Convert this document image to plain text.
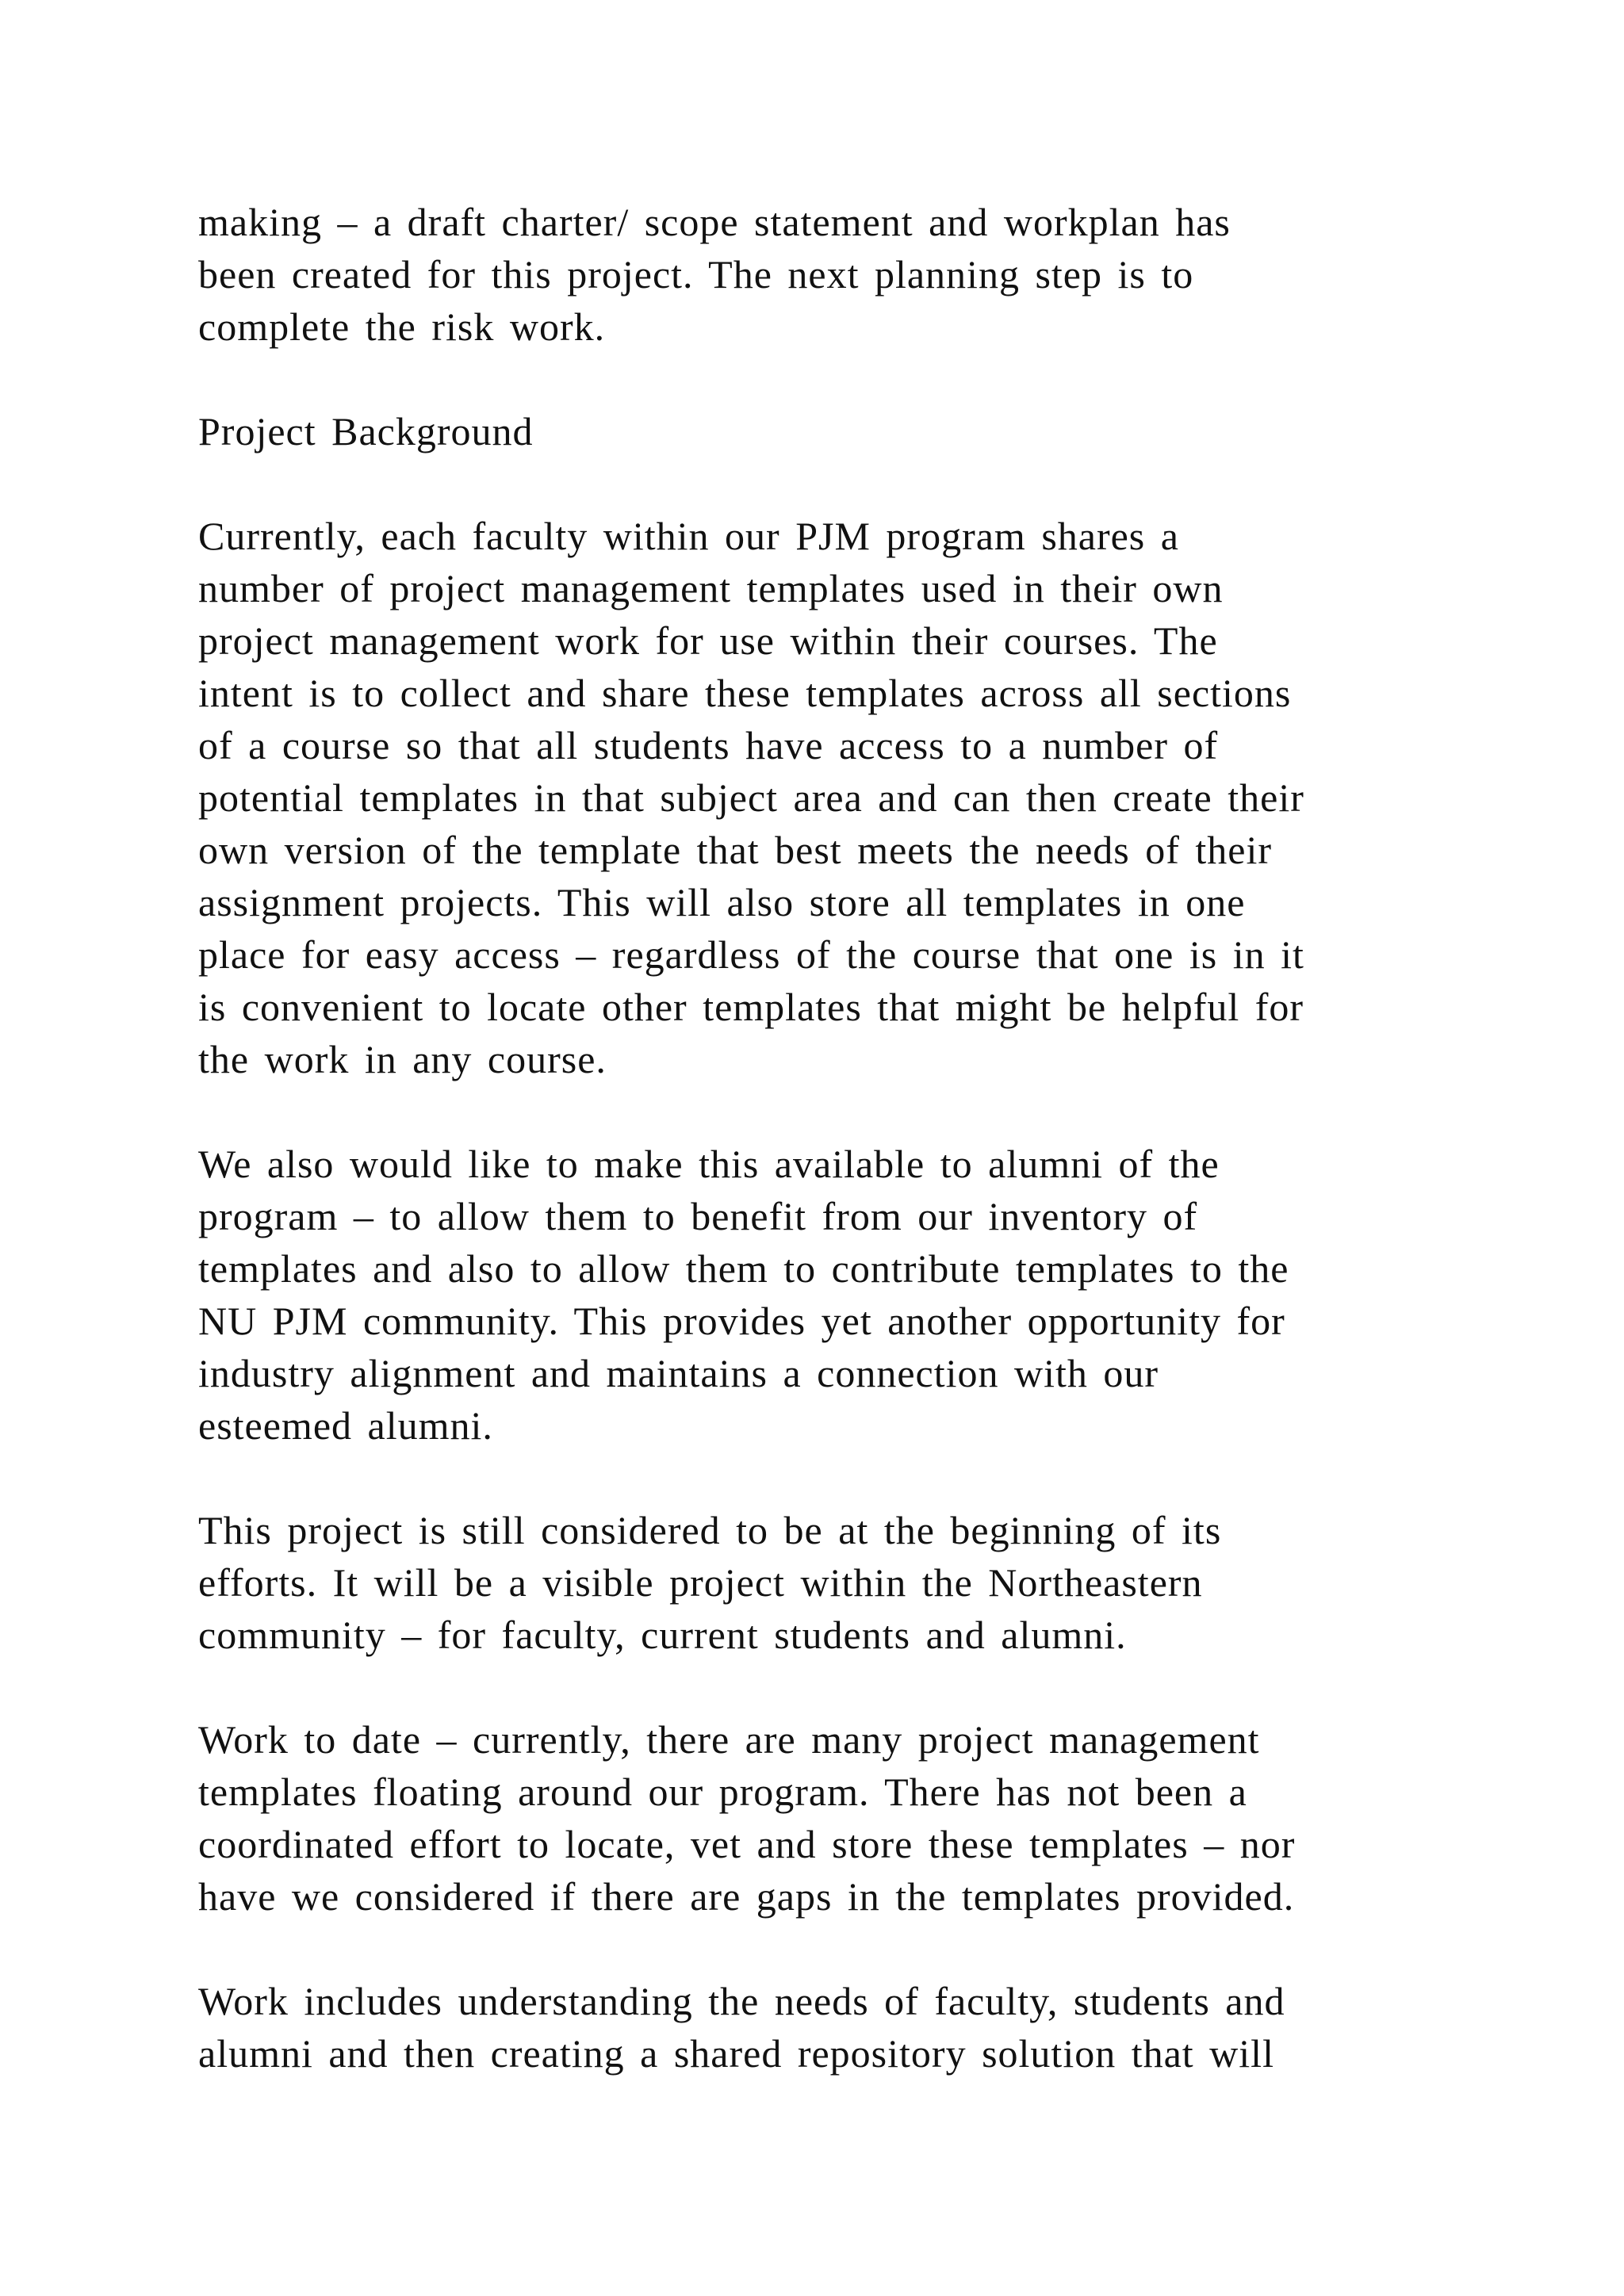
making – a draft charter/ scope statement and workplan has
been created for this project. The next planning step is to
complete the risk work.
Project Background
Currently, each faculty within our PJM program shares a
number of project management templates used in their own
project management work for use within their courses. The
intent is to collect and share these templates across all sections
of a course so that all students have access to a number of
potential templates in that subject area and can then create their
own version of the template that best meets the needs of their
assignment projects. This will also store all templates in one
place for easy access – regardless of the course that one is in it
is convenient to locate other templates that might be helpful for
the work in any course.
We also would like to make this available to alumni of the
program – to allow them to benefit from our inventory of
templates and also to allow them to contribute templates to the
NU PJM community. This provides yet another opportunity for
industry alignment and maintains a connection with our
esteemed alumni.
This project is still considered to be at the beginning of its
efforts. It will be a visible project within the Northeastern
community – for faculty, current students and alumni.
Work to date – currently, there are many project management
templates floating around our program. There has not been a
coordinated effort to locate, vet and store these templates – nor
have we considered if there are gaps in the templates provided.
Work includes understanding the needs of faculty, students and
alumni and then creating a shared repository solution that will
